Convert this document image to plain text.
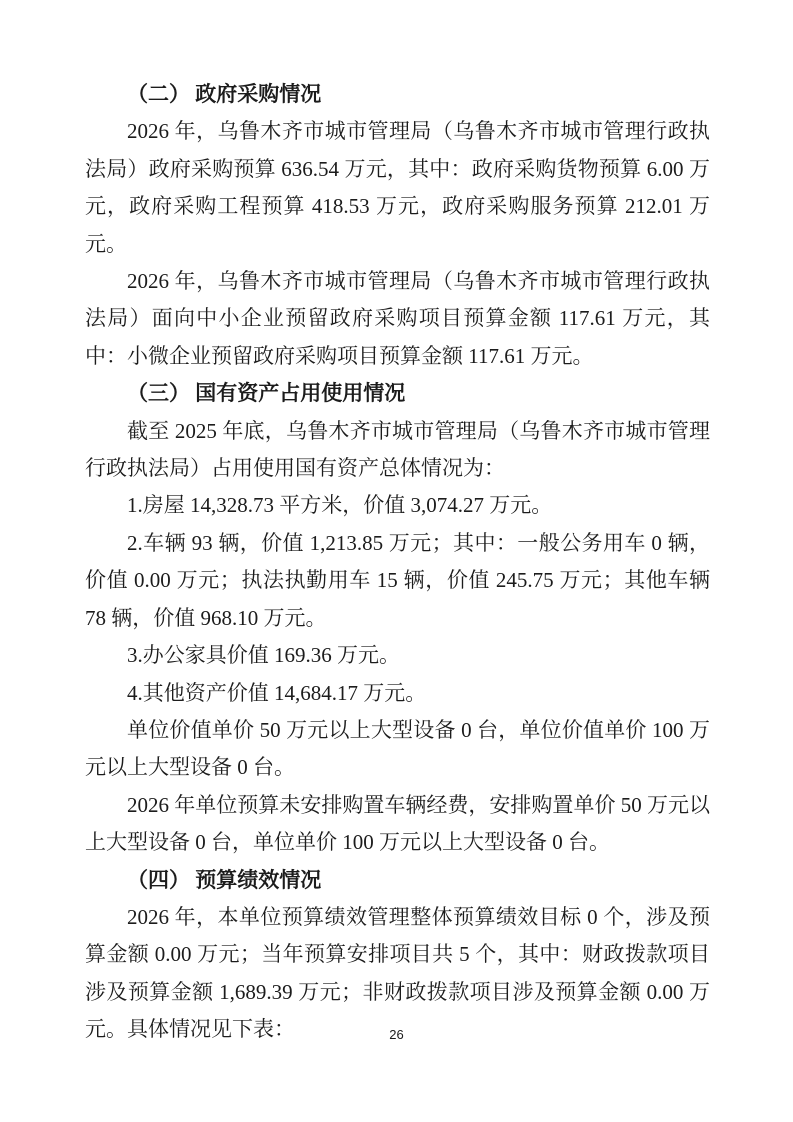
（二） 政府采购情况

2026 年，乌鲁木齐市城市管理局（乌鲁木齐市城市管理行政执法局）政府采购预算 636.54 万元，其中：政府采购货物预算 6.00 万元，政府采购工程预算 418.53 万元，政府采购服务预算 212.01 万元。

2026 年，乌鲁木齐市城市管理局（乌鲁木齐市城市管理行政执法局）面向中小企业预留政府采购项目预算金额 117.61 万元，其中：小微企业预留政府采购项目预算金额 117.61 万元。

（三） 国有资产占用使用情况

截至 2025 年底，乌鲁木齐市城市管理局（乌鲁木齐市城市管理行政执法局）占用使用国有资产总体情况为：

1.房屋 14,328.73 平方米，价值 3,074.27 万元。

2.车辆 93 辆，价值 1,213.85 万元；其中：一般公务用车 0 辆，价值 0.00 万元；执法执勤用车 15 辆，价值 245.75 万元；其他车辆 78 辆，价值 968.10 万元。

3.办公家具价值 169.36 万元。

4.其他资产价值 14,684.17 万元。

单位价值单价 50 万元以上大型设备 0 台，单位价值单价 100 万元以上大型设备 0 台。

2026 年单位预算未安排购置车辆经费，安排购置单价 50 万元以上大型设备 0 台，单位单价 100 万元以上大型设备 0 台。

（四） 预算绩效情况

2026 年，本单位预算绩效管理整体预算绩效目标 0 个，涉及预算金额 0.00 万元；当年预算安排项目共 5 个，其中：财政拨款项目涉及预算金额 1,689.39 万元；非财政拨款项目涉及预算金额 0.00 万元。具体情况见下表：	26
